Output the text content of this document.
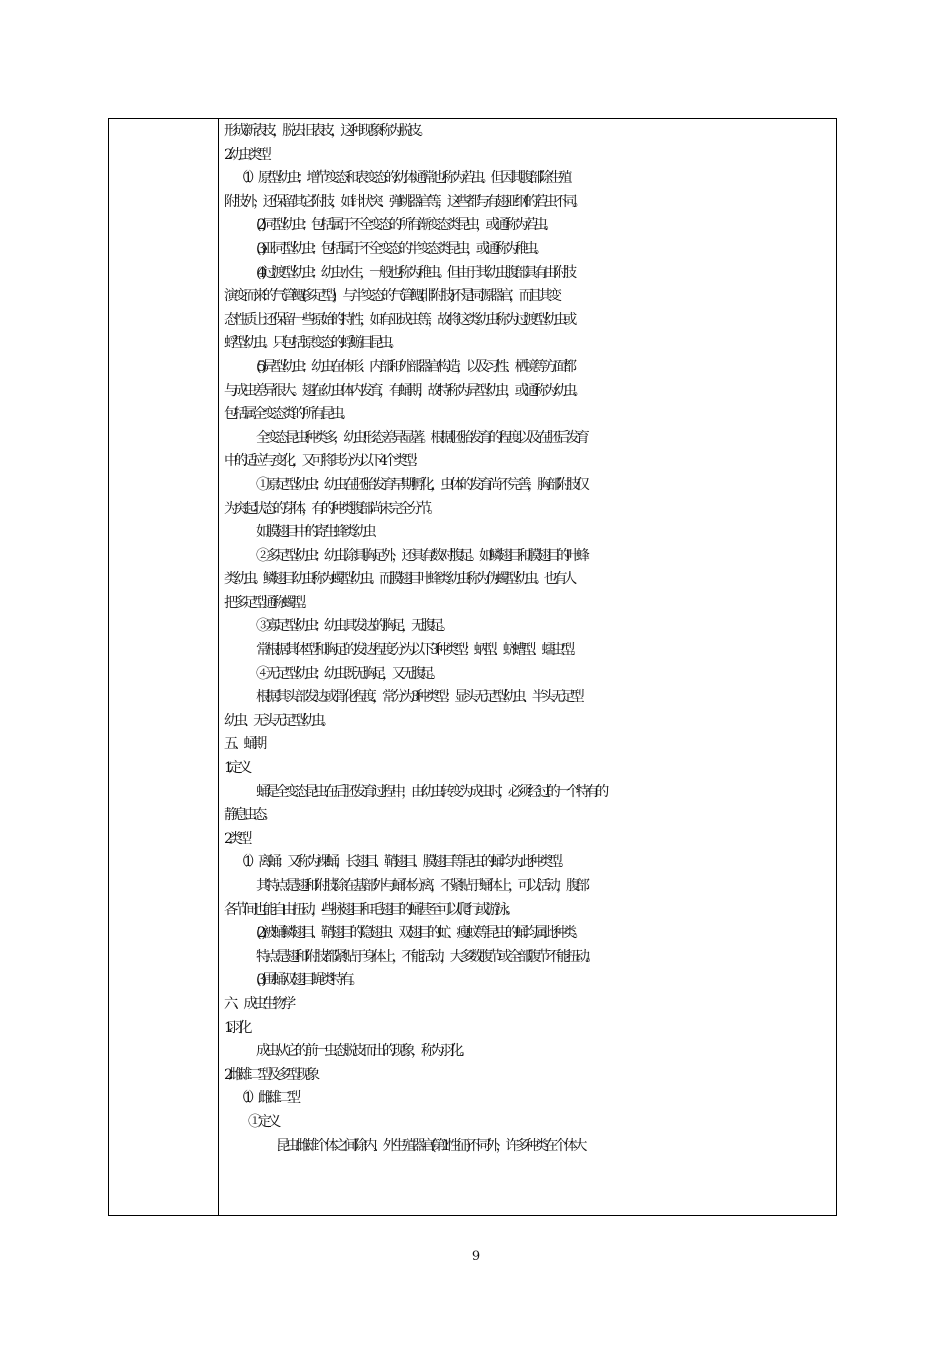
形成新表皮，脱去旧表皮，这种现象称为脱皮。
2. 幼虫类型
（1）原型幼虫：增节变态和表变态的幼体通常也称为若虫。但因其腹部除生殖
附肢外，还保留其它附肢，如针状突、弹跳器官等，这些都与有翅亚纲的若虫不同。
(2) 同型幼虫：包括属于不全变态的所有渐变态类昆虫，或通称为若虫。
(3) 亚同型幼虫：包括属于不全变态的半变态类昆虫，或通称为稚虫。
(4) 过渡型幼虫：幼虫水生，一般也称为稚虫。但由于其幼虫腹部具有由附肢
演变而来的气管鳃(多足型)，与半变态的气管鳃(非附肢)不是同源器官，而且其变
态性质上还保留一些原始的特性，如有亚成虫等，故将这类幼虫称为过渡型幼虫或
蜉型幼虫。只包括原变态的蜉蝣目昆虫。
(5) 异型幼虫：幼虫在体形、内部和外部器官构造，以及习性、栖境等方面都
与成虫差异很大。翅在幼虫体内发育，有蛹期，故特称为异型幼虫，或通称为幼虫。
包括属全变态类的所有昆虫。
全变态昆虫种类多，幼虫形态差异显著。根据胚胎发育的程度以及在胚后发育
中的适应与变化，又可将其分为以下 4 个类型：
①原足型幼虫：幼虫在胚胎发育早期孵化，虫体的发育尚不完善，胸部附肢仅
为突起状态的芽体，有的种类腹部尚未完全分节。
如膜翅目中的寄生蜂类幼虫
②多足型幼虫：幼虫除具胸足外，还具有数对腹足。如鳞翅目和膜翅目的叶蜂
类幼虫。鳞翅目幼虫称为蠋型幼虫。而膜翅目叶蜂类幼虫称为伪蠋型幼虫。也有人
把多足型通称蠋型。
③寡足型幼虫：幼虫具发达的胸足，无腹足。
常根据其体型和胸足的发达程度分为以下 3 种类型：蛃型、蛴螬型、蠕虫型。
④无足型幼虫：幼虫既无胸足，又无腹足。
根据其头部发达或骨化程度，常分为 3 种类型：显头无足型幼虫、半头无足型
幼虫、无头无足型幼虫。
五、蛹期
1. 定义
蛹是全变态昆虫在后胚发育过程中，由幼虫转变为成虫时，必须经过的一个特有的
静息虫态。
2. 类型
（1）离蛹：又称为裸蛹，长翅目、鞘翅目、膜翅目等昆虫的蛹均为此种类型。
其特点是翅和附肢除在基部外与蛹体分离，不紧贴于蛹体上，可以活动，腹部
各节间也能自由扭动，-些脉翅目和毛翅目的蛹甚至可以爬行或游泳。
(2)被蛹 鳞翅目、鞘翅目的隐翅虫、双翅目的虻、瘦蚊等昆虫的蛹均属此种类。
特点是翅和附肢都紧贴于身体上，不能活动，大多数腹节或全部腹节不能扭动。
(3)围蛹 双翅目蝇类特有。
六、成虫生物学
1. 羽化
成虫从它的前一虫态脱皮而出的现象，称为羽化。
2. 雌雄二型及多型现象
（1）雌雄二型
① 定义
昆虫雌雄个体之间除内、外生殖器官(第 1 性征)不同外，许多种类在个体大
9
